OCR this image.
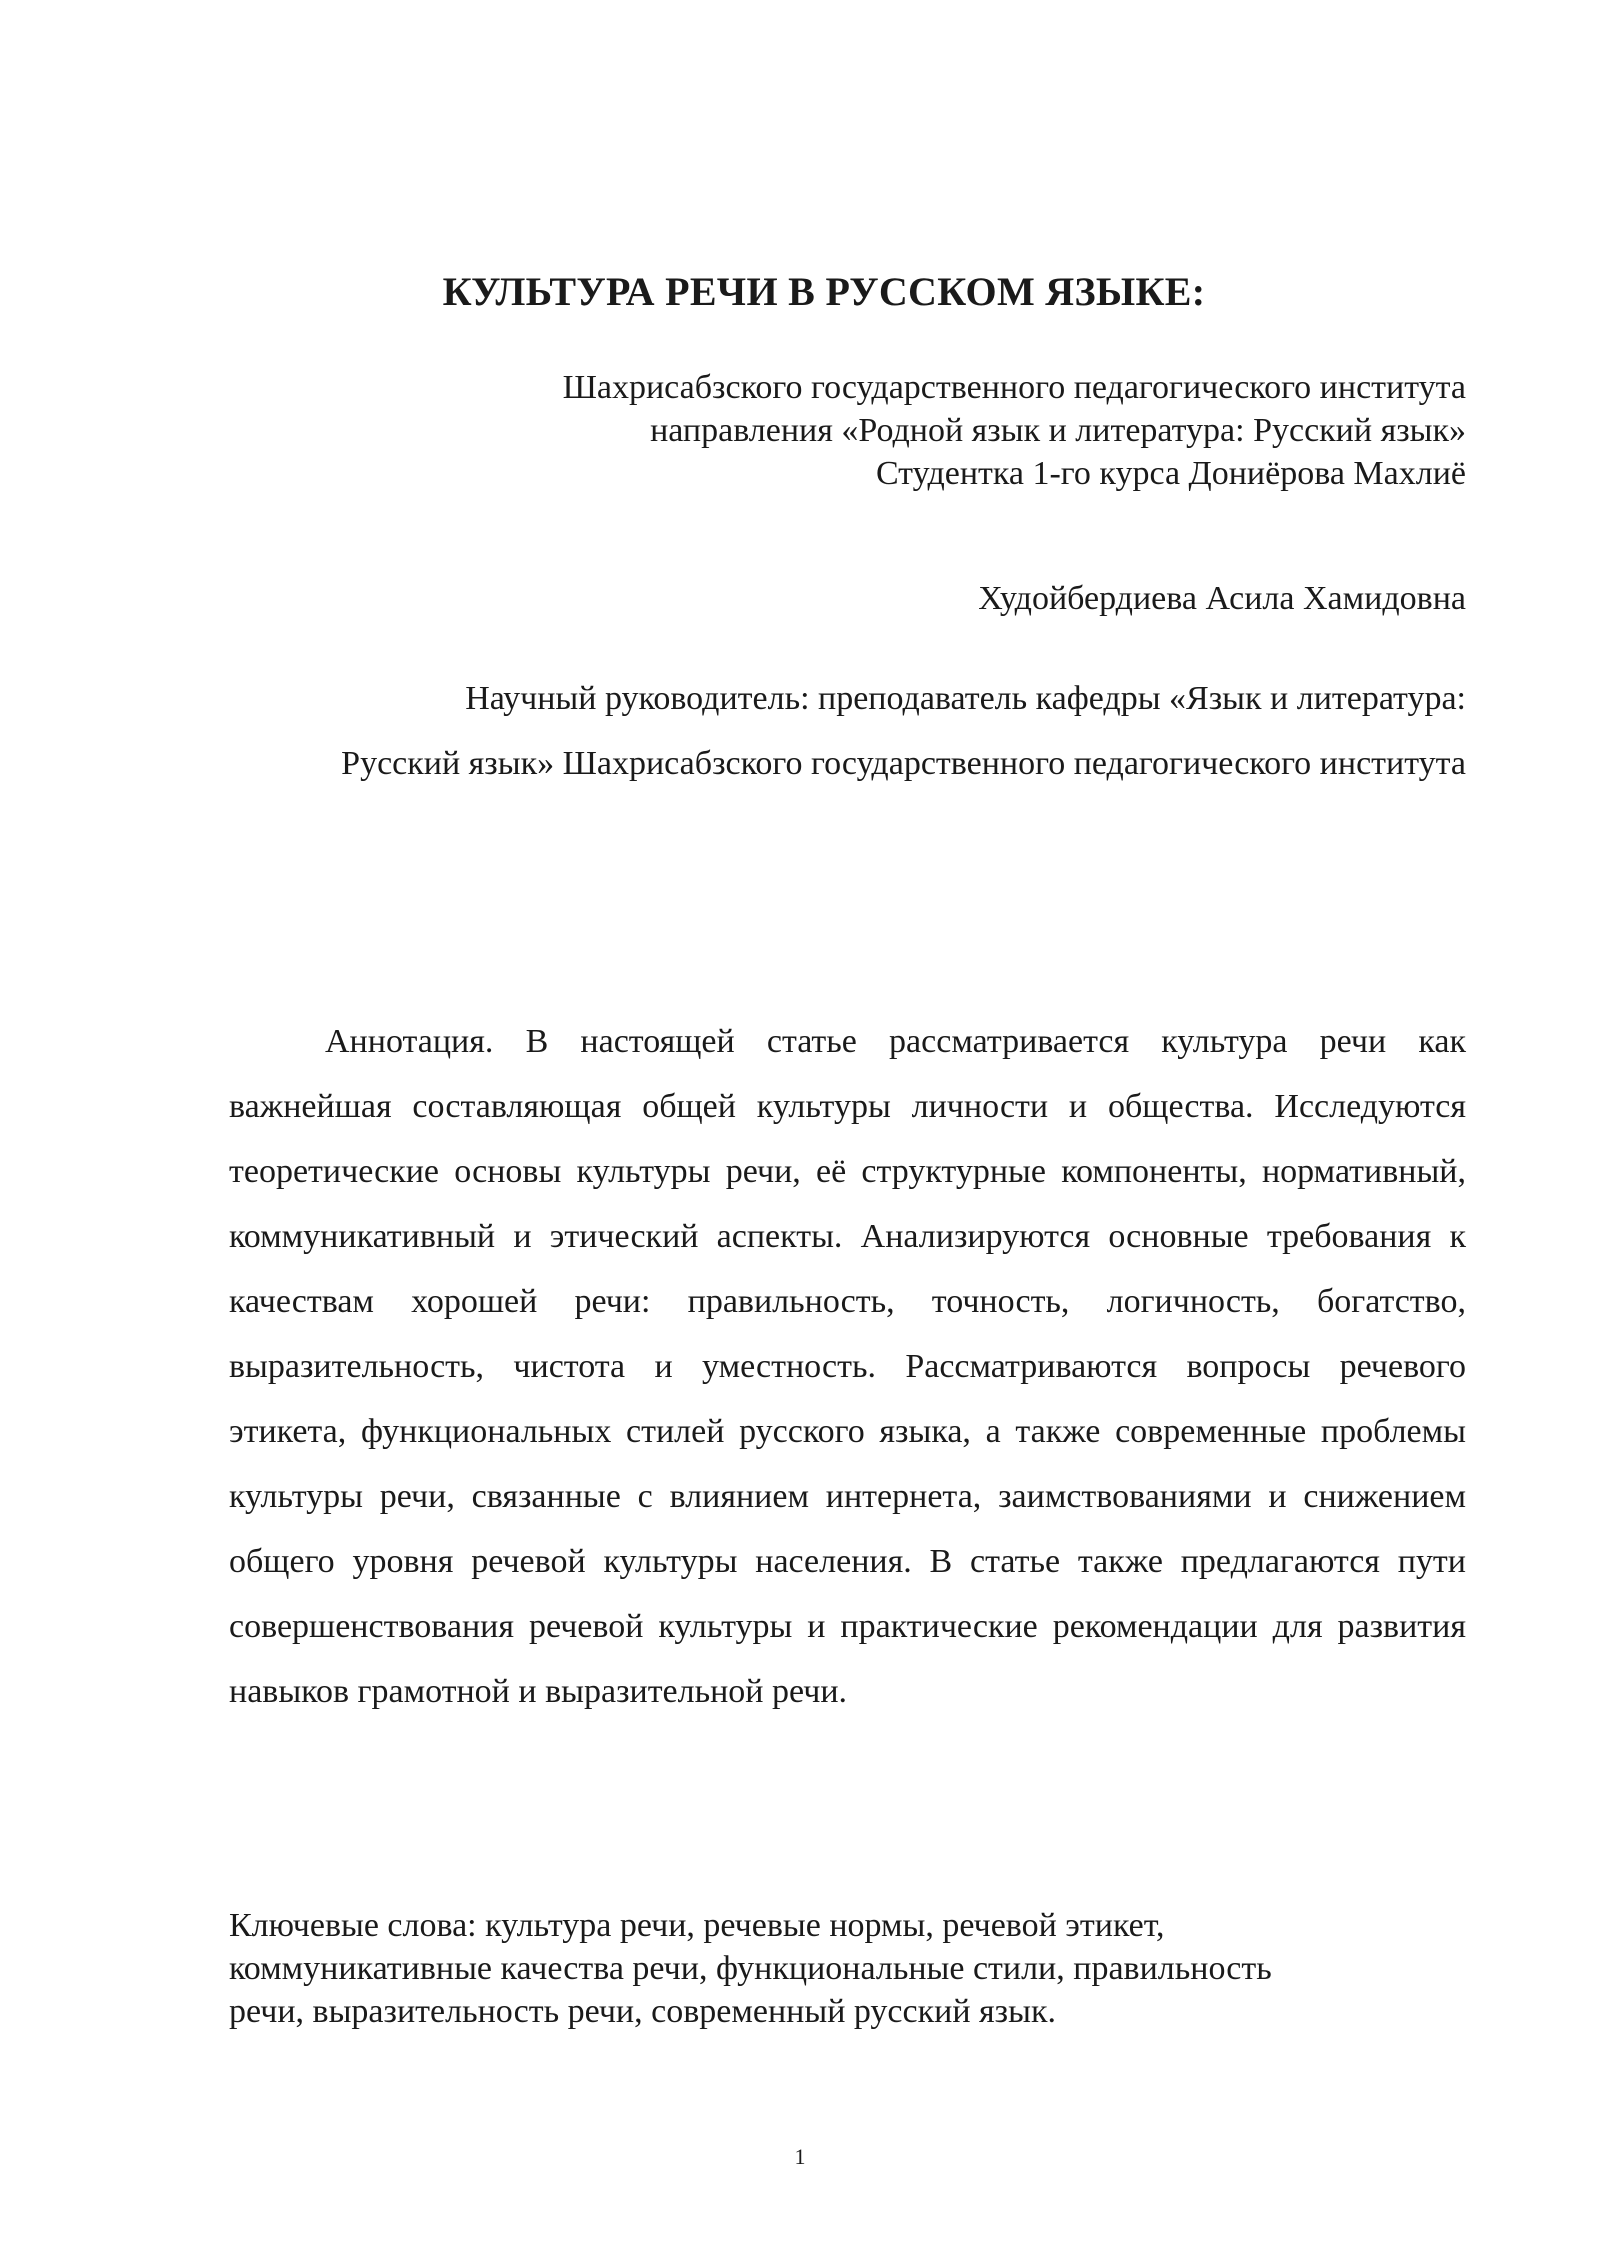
КУЛЬТУРА РЕЧИ В РУССКОМ ЯЗЫКЕ:
Шахрисабзского государственного педагогического института
направления «Родной язык и литература: Русский язык»
Студентка 1-го курса Дониёрова Махлиё
Худойбердиева Асила Хамидовна
Научный руководитель: преподаватель кафедры «Язык и литература: Русский язык» Шахрисабзского государственного педагогического института

Аннотация. В настоящей статье рассматривается культура речи как важнейшая составляющая общей культуры личности и общества. Исследуются теоретические основы культуры речи, её структурные компоненты, нормативный, коммуникативный и этический аспекты. Анализируются основные требования к качествам хорошей речи: правильность, точность, логичность, богатство, выразительность, чистота и уместность. Рассматриваются вопросы речевого этикета, функциональных стилей русского языка, а также современные проблемы культуры речи, связанные с влиянием интернета, заимствованиями и снижением общего уровня речевой культуры населения. В статье также предлагаются пути совершенствования речевой культуры и практические рекомендации для развития навыков грамотной и выразительной речи.

Ключевые слова: культура речи, речевые нормы, речевой этикет,
коммуникативные качества речи, функциональные стили, правильность
речи, выразительность речи, современный русский язык.
1
